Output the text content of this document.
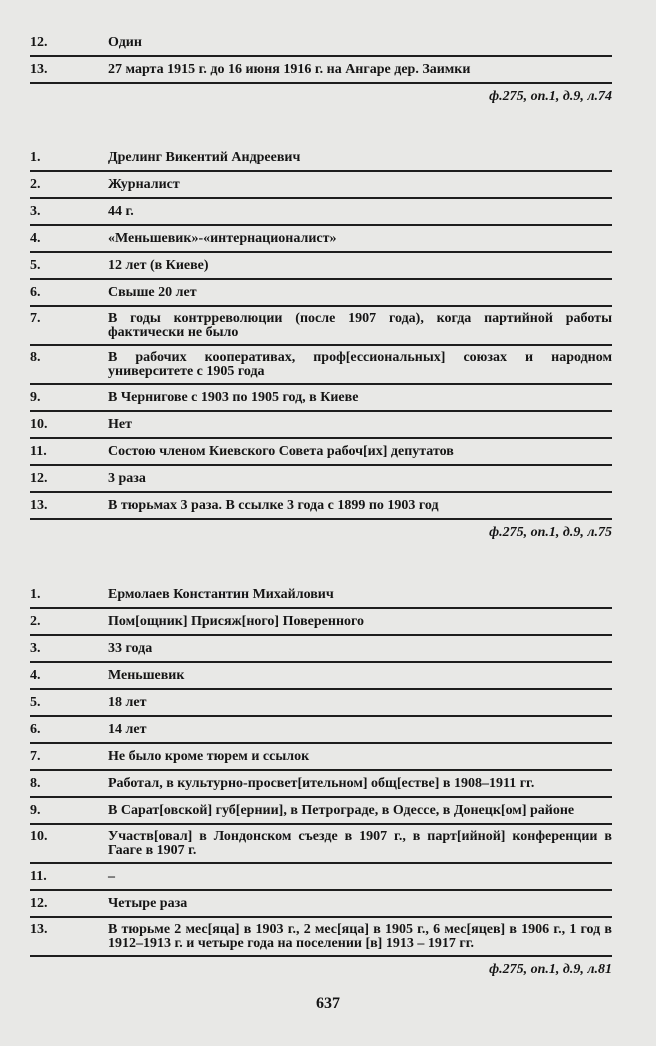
12.	Один
13.	27 марта 1915 г. до 16 июня 1916 г. на Ангаре дер. Заимки
ф.275, оп.1, д.9, л.74
1.	Дрелинг Викентий Андреевич
2.	Журналист
3.	44 г.
4.	«Меньшевик»-«интернационалист»
5.	12 лет (в Киеве)
6.	Свыше 20 лет
7.	В годы контрреволюции (после 1907 года), когда партийной работы фактически не было
8.	В рабочих кооперативах, проф[ессиональных] союзах и народном университете с 1905 года
9.	В Чернигове с 1903 по 1905 год, в Киеве
10.	Нет
11.	Состою членом Киевского Совета рабоч[их] депутатов
12.	3 раза
13.	В тюрьмах 3 раза. В ссылке 3 года с 1899 по 1903 год
ф.275, оп.1, д.9, л.75
1.	Ермолаев Константин Михайлович
2.	Пом[ощник] Присяж[ного] Поверенного
3.	33 года
4.	Меньшевик
5.	18 лет
6.	14 лет
7.	Не было кроме тюрем и ссылок
8.	Работал, в культурно-просвет[ительном] общ[естве] в 1908–1911 гг.
9.	В Сарат[овской] губ[ернии], в Петрограде, в Одессе, в Донецк[ом] районе
10.	Участв[овал] в Лондонском съезде в 1907 г., в парт[ийной] конференции в Гааге в 1907 г.
11.	–
12.	Четыре раза
13.	В тюрьме 2 мес[яца] в 1903 г., 2 мес[яца] в 1905 г., 6 мес[яцев] в 1906 г., 1 год в 1912–1913 г. и четыре года на поселении [в] 1913 – 1917 гг.
ф.275, оп.1, д.9, л.81
637
